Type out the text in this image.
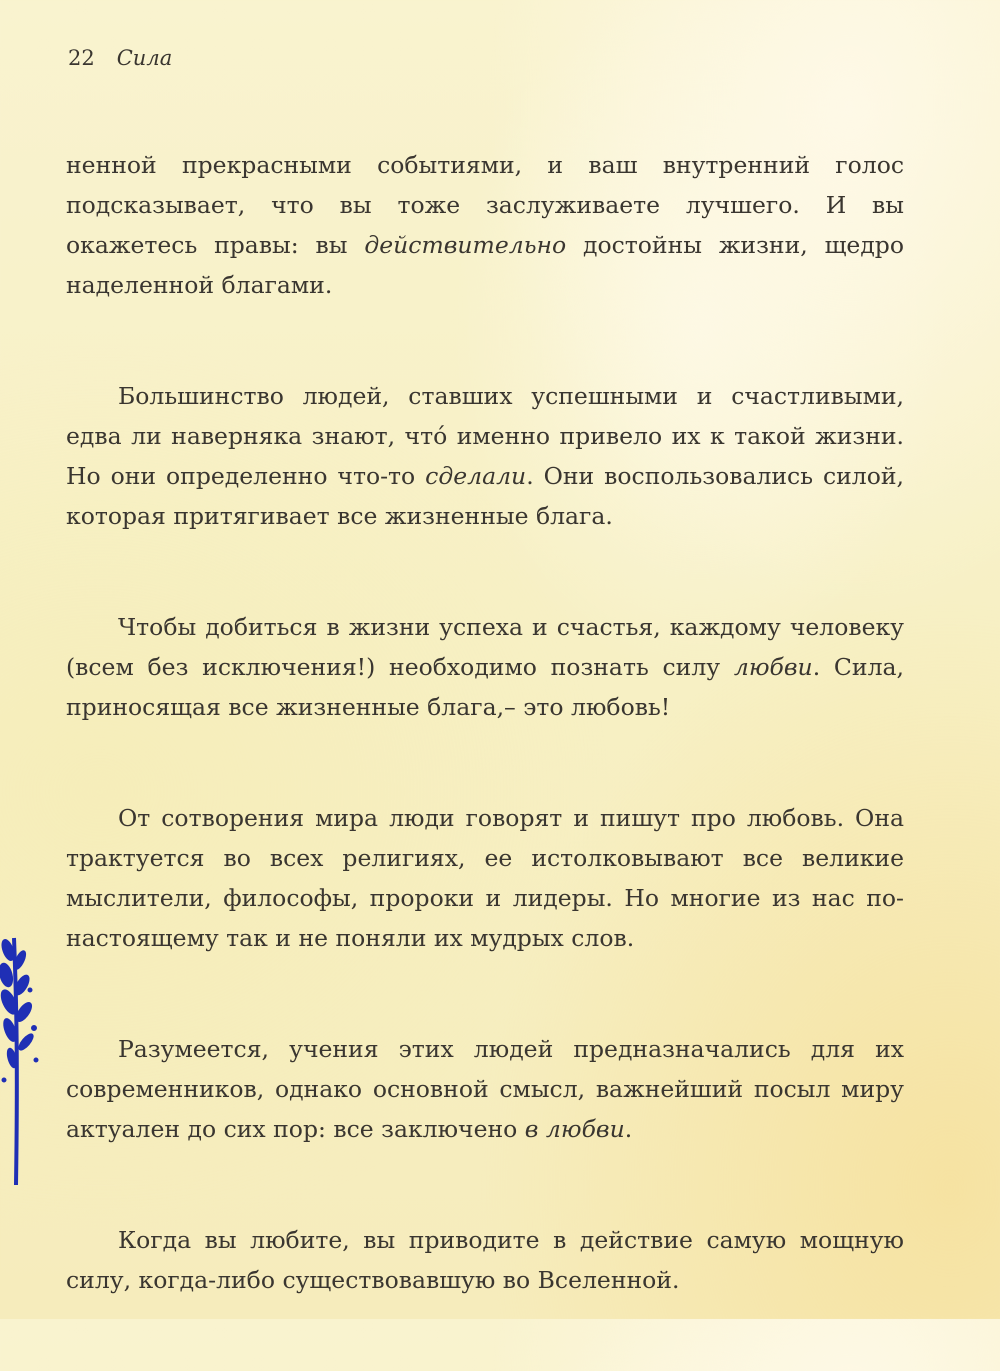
22 Сила

ненной прекрасными событиями, и ваш внутренний голос подсказывает, что вы тоже заслуживаете лучшего. И вы окажетесь правы: вы действительно достойны жизни, щедро наделенной благами.

Большинство людей, ставших успешными и счастливыми, едва ли наверняка знают, чтó именно привело их к такой жизни. Но они определенно что-то сделали. Они воспользовались силой, которая притягивает все жизненные блага.

Чтобы добиться в жизни успеха и счастья, каждому человеку (всем без исключения!) необходимо познать силу любви. Сила, приносящая все жизненные блага,– это любовь!

От сотворения мира люди говорят и пишут про любовь. Она трактуется во всех религиях, ее истолковывают все великие мыслители, философы, пророки и лидеры. Но многие из нас по-настоящему так и не поняли их мудрых слов.

Разумеется, учения этих людей предназначались для их современников, однако основной смысл, важнейший посыл миру актуален до сих пор: все заключено в любви.

Когда вы любите, вы приводите в действие самую мощную силу, когда-либо существовавшую во Вселенной.
